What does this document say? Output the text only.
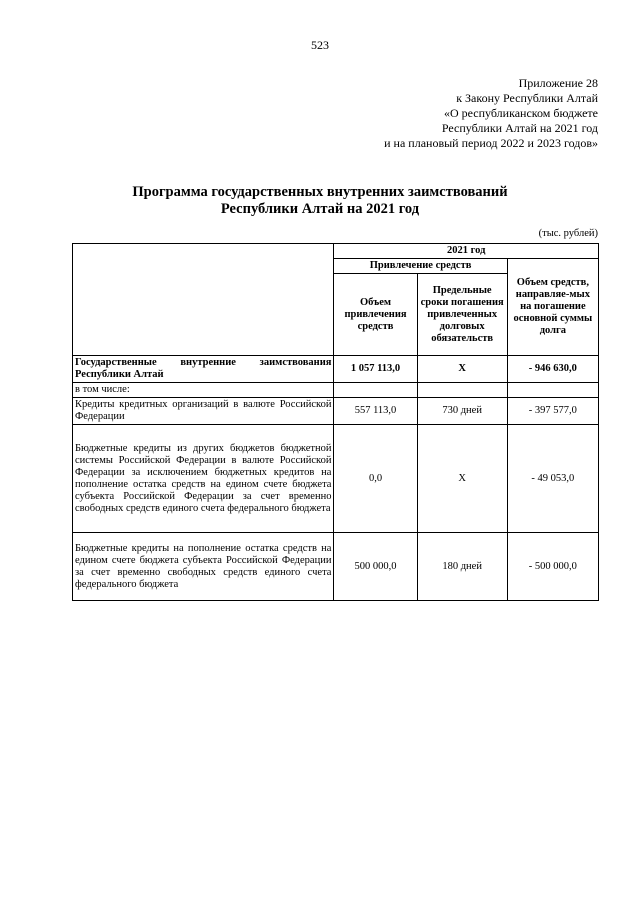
523
Приложение 28
к Закону Республики Алтай
«О республиканском бюджете
Республики Алтай на 2021 год
и на плановый период 2022 и 2023 годов»
Программа государственных внутренних заимствований
Республики Алтай на 2021 год
(тыс. рублей)
	2021 год		
	Привлечение средств		Объем средств, направляе-мых на погашение основной суммы долга
	Объем привлечения средств	Предельные сроки погашения привлеченных долговых обязательств	
Государственные внутренние заимствования Республики Алтай	1 057 113,0	Х	- 946 630,0
в том числе:			
Кредиты кредитных организаций в валюте Российской Федерации	557 113,0	730 дней	- 397 577,0
Бюджетные кредиты из других бюджетов бюджетной системы Российской Федерации в валюте Российской Федерации за исключением бюджетных кредитов на пополнение остатка средств на едином счете бюджета субъекта Российской Федерации за счет временно свободных средств единого счета федерального бюджета	0,0	Х	- 49 053,0
Бюджетные кредиты на пополнение остатка средств на едином счете бюджета субъекта Российской Федерации за счет временно свободных средств единого счета федерального бюджета	500 000,0	180 дней	- 500 000,0
